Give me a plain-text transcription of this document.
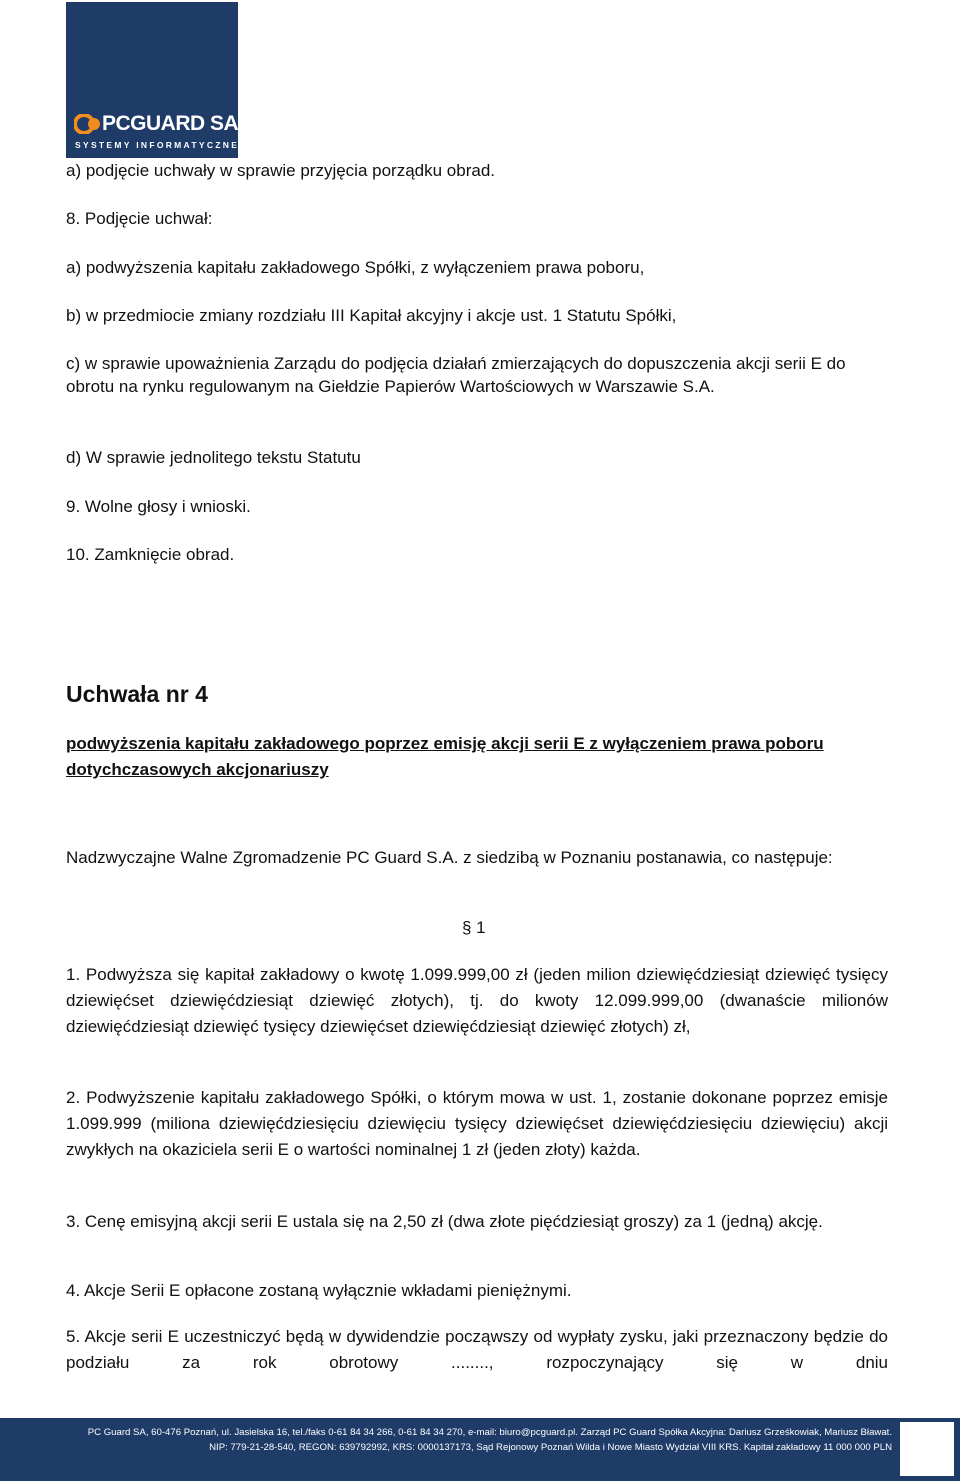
PCGUARD SA
SYSTEMY INFORMATYCZNE

a) podjęcie uchwały w sprawie przyjęcia porządku obrad.

8. Podjęcie uchwał:

a) podwyższenia kapitału zakładowego Spółki, z wyłączeniem prawa poboru,

b) w przedmiocie zmiany rozdziału III Kapitał akcyjny i akcje ust. 1 Statutu Spółki,

c) w sprawie upoważnienia Zarządu do podjęcia działań zmierzających do dopuszczenia akcji serii E do obrotu na rynku regulowanym na Giełdzie Papierów Wartościowych w Warszawie S.A.

d) W sprawie jednolitego tekstu Statutu

9. Wolne głosy i wnioski.

10. Zamknięcie obrad.

Uchwała nr 4

podwyższenia kapitału zakładowego poprzez emisję akcji serii E z wyłączeniem prawa poboru dotychczasowych akcjonariuszy

Nadzwyczajne Walne Zgromadzenie PC Guard S.A. z siedzibą w Poznaniu postanawia, co następuje:

§ 1

1. Podwyższa się kapitał zakładowy o kwotę 1.099.999,00 zł (jeden milion dziewięćdziesiąt dziewięć tysięcy dziewięćset dziewięćdziesiąt dziewięć złotych), tj. do kwoty 12.099.999,00 (dwanaście milionów dziewięćdziesiąt dziewięć tysięcy dziewięćset dziewięćdziesiąt dziewięć złotych) zł,

2. Podwyższenie kapitału zakładowego Spółki, o którym mowa w ust. 1, zostanie dokonane poprzez emisje 1.099.999 (miliona dziewięćdziesięciu dziewięciu tysięcy dziewięćset dziewięćdziesięciu dziewięciu) akcji zwykłych na okaziciela serii E o wartości nominalnej 1 zł (jeden złoty) każda.

3. Cenę emisyjną akcji serii E ustala się na 2,50 zł (dwa złote pięćdziesiąt groszy) za 1 (jedną) akcję.

4. Akcje Serii E opłacone zostaną wyłącznie wkładami pieniężnymi.

5. Akcje serii E uczestniczyć będą w dywidendzie począwszy od wypłaty zysku, jaki przeznaczony będzie do podziału za rok obrotowy ........, rozpoczynający się w dniu

PC Guard SA, 60-476 Poznań, ul. Jasielska 16, tel./faks 0-61 84 34 266, 0-61 84 34 270, e-mail: biuro@pcguard.pl. Zarząd PC Guard Spółka Akcyjna: Dariusz Grześkowiak, Mariusz Bławat.

NIP: 779-21-28-540, REGON: 639792992, KRS: 0000137173, Sąd Rejonowy Poznań Wilda i Nowe Miasto Wydział VIII KRS. Kapitał zakładowy 11 000 000 PLN
